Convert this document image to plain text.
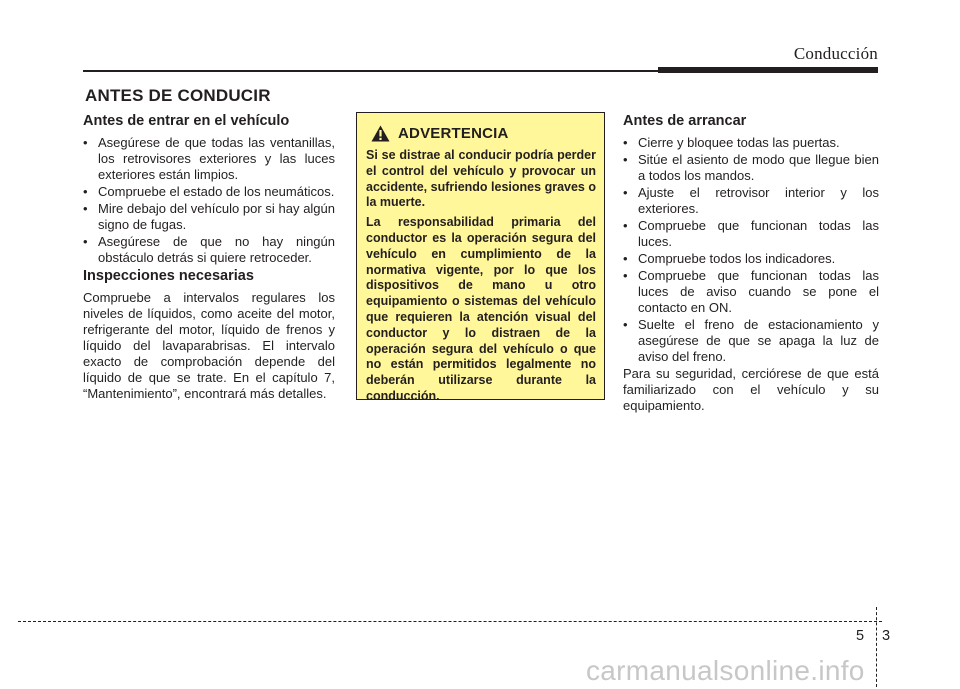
Conducción
ANTES DE CONDUCIR
Antes de entrar en el vehículo
• Asegúrese de que todas las ventanillas, los retrovisores exteriores y las luces exteriores están limpios.
• Compruebe el estado de los neumáticos.
• Mire debajo del vehículo por si hay algún signo de fugas.
• Asegúrese de que no hay ningún obstáculo detrás si quiere retroceder.
Inspecciones necesarias

Compruebe a intervalos regulares los niveles de líquidos, como aceite del motor, refrigerante del motor, líquido de frenos y líquido del lavaparabrisas. El intervalo exacto de comprobación depende del líquido de que se trate. En el capítulo 7, “Mantenimiento”, encontrará más detalles.

ADVERTENCIA

Si se distrae al conducir podría perder el control del vehículo y provocar un accidente, sufriendo lesiones graves o la muerte.

La responsabilidad primaria del conductor es la operación segura del vehículo en cumplimiento de la normativa vigente, por lo que los dispositivos de mano u otro equipamiento o sistemas del vehículo que requieren la atención visual del conductor y lo distraen de la operación segura del vehículo o que no están permitidos legalmente no deberán utilizarse durante la conducción.

Antes de arrancar
• Cierre y bloquee todas las puertas.
• Sitúe el asiento de modo que llegue bien a todos los mandos.
• Ajuste el retrovisor interior y los exteriores.
• Compruebe que funcionan todas las luces.
• Compruebe todos los indicadores.
• Compruebe que funcionan todas las luces de aviso cuando se pone el contacto en ON.
• Suelte el freno de estacionamiento y asegúrese de que se apaga la luz de aviso del freno.

Para su seguridad, cerciórese de que está familiarizado con el vehículo y su equipamiento.

5 3
carmanualsonline.info
